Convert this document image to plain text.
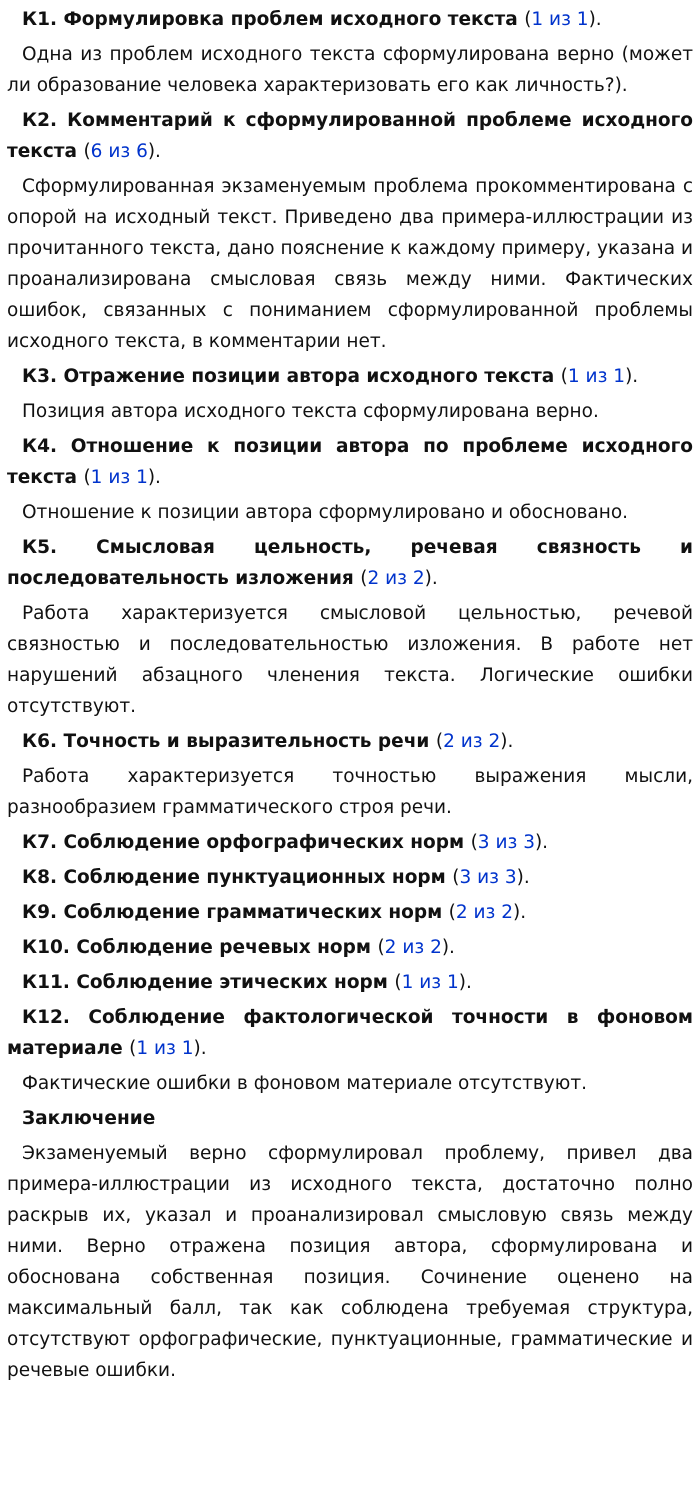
К1. Формулировка проблем исходного текста (1 из 1).

Одна из проблем исходного текста сформулирована верно (может ли образование человека характеризовать его как личность?).

К2. Комментарий к сформулированной проблеме исходного текста (6 из 6).

Сформулированная экзаменуемым проблема прокомментирована с опорой на исходный текст. Приведено два примера-иллюстрации из прочитанного текста, дано пояснение к каждому примеру, указана и проанализирована смысловая связь между ними. Фактических ошибок, связанных с пониманием сформулированной проблемы исходного текста, в комментарии нет.

К3. Отражение позиции автора исходного текста (1 из 1).

Позиция автора исходного текста сформулирована верно.

К4. Отношение к позиции автора по проблеме исходного текста (1 из 1).

Отношение к позиции автора сформулировано и обосновано.

К5. Смысловая цельность, речевая связность и последовательность изложения (2 из 2).

Работа характеризуется смысловой цельностью, речевой связностью и последовательностью изложения. В работе нет нарушений абзацного членения текста. Логические ошибки отсутствуют.

К6. Точность и выразительность речи (2 из 2).

Работа характеризуется точностью выражения мысли, разнообразием грамматического строя речи.

К7. Соблюдение орфографических норм (3 из 3).

К8. Соблюдение пунктуационных норм (3 из 3).

К9. Соблюдение грамматических норм (2 из 2).

К10. Соблюдение речевых норм (2 из 2).

К11. Соблюдение этических норм (1 из 1).

К12. Соблюдение фактологической точности в фоновом материале (1 из 1).

Фактические ошибки в фоновом материале отсутствуют.

Заключение

Экзаменуемый верно сформулировал проблему, привел два примера-иллюстрации из исходного текста, достаточно полно раскрыв их, указал и проанализировал смысловую связь между ними. Верно отражена позиция автора, сформулирована и обоснована собственная позиция. Сочинение оценено на максимальный балл, так как соблюдена требуемая структура, отсутствуют орфографические, пунктуационные, грамматические и речевые ошибки.
